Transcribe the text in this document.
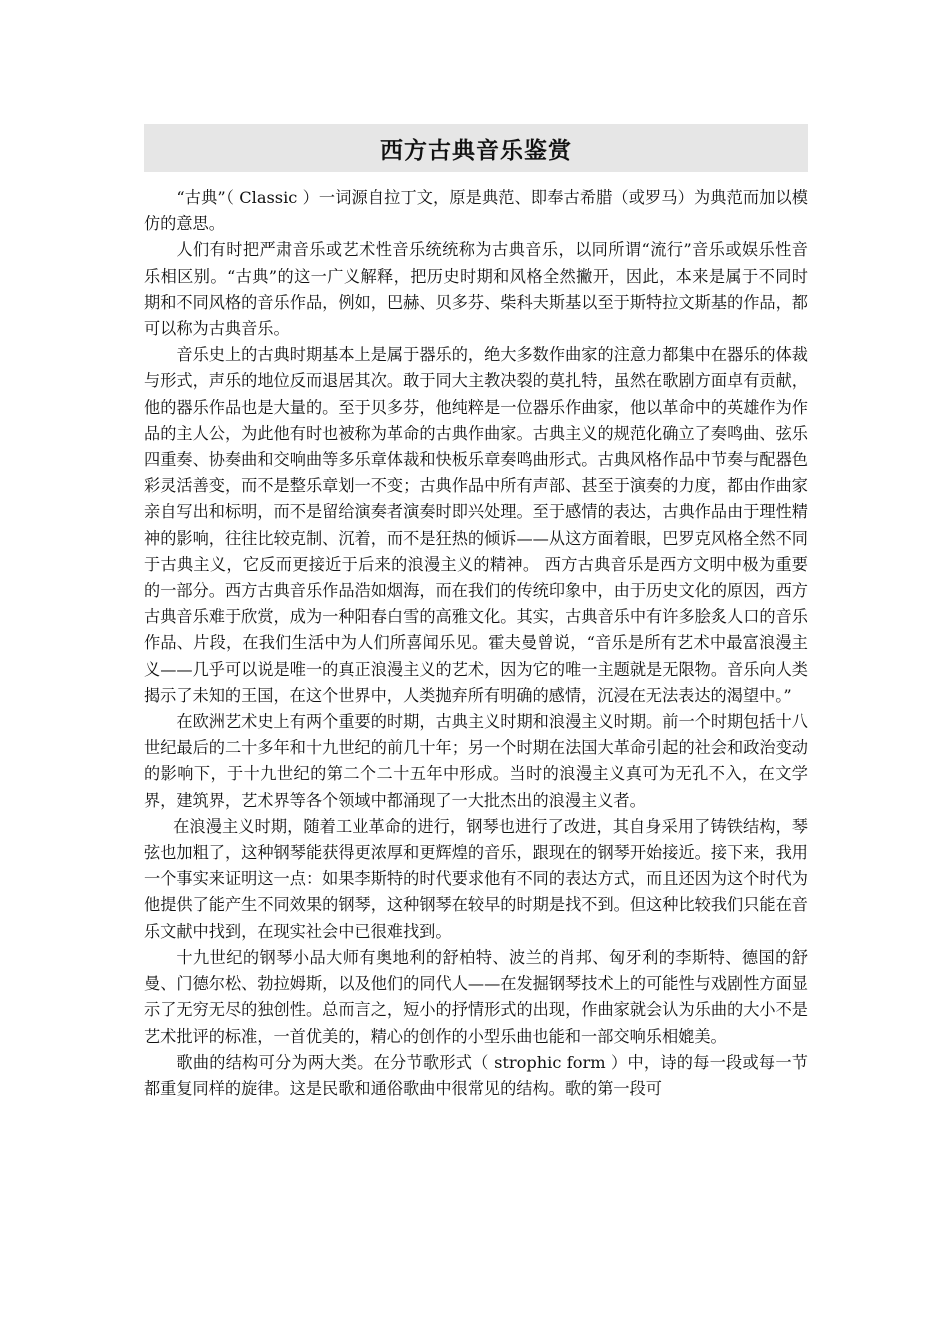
西方古典音乐鉴赏

“古典”（ Classic ）一词源自拉丁文，原是典范、即奉古希腊（或罗马）为典范而加以模仿的意思。

人们有时把严肃音乐或艺术性音乐统统称为古典音乐，以同所谓“流行”音乐或娱乐性音乐相区别。“古典”的这一广义解释，把历史时期和风格全然撇开，因此，本来是属于不同时期和不同风格的音乐作品，例如，巴赫、贝多芬、柴科夫斯基以至于斯特拉文斯基的作品，都可以称为古典音乐。

音乐史上的古典时期基本上是属于器乐的，绝大多数作曲家的注意力都集中在器乐的体裁与形式，声乐的地位反而退居其次。敢于同大主教决裂的莫扎特，虽然在歌剧方面卓有贡献，他的器乐作品也是大量的。至于贝多芬，他纯粹是一位器乐作曲家，他以革命中的英雄作为作品的主人公，为此他有时也被称为革命的古典作曲家。古典主义的规范化确立了奏鸣曲、弦乐四重奏、协奏曲和交响曲等多乐章体裁和快板乐章奏鸣曲形式。古典风格作品中节奏与配器色彩灵活善变，而不是整乐章划一不变；古典作品中所有声部、甚至于演奏的力度，都由作曲家亲自写出和标明，而不是留给演奏者演奏时即兴处理。至于感情的表达，古典作品由于理性精神的影响，往往比较克制、沉着，而不是狂热的倾诉——从这方面着眼，巴罗克风格全然不同于古典主义，它反而更接近于后来的浪漫主义的精神。 西方古典音乐是西方文明中极为重要的一部分。西方古典音乐作品浩如烟海，而在我们的传统印象中，由于历史文化的原因，西方古典音乐难于欣赏，成为一种阳春白雪的高雅文化。其实，古典音乐中有许多脍炙人口的音乐作品、片段，在我们生活中为人们所喜闻乐见。霍夫曼曾说，“音乐是所有艺术中最富浪漫主义——几乎可以说是唯一的真正浪漫主义的艺术，因为它的唯一主题就是无限物。音乐向人类揭示了未知的王国，在这个世界中，人类抛弃所有明确的感情，沉浸在无法表达的渴望中。”

在欧洲艺术史上有两个重要的时期，古典主义时期和浪漫主义时期。前一个时期包括十八世纪最后的二十多年和十九世纪的前几十年；另一个时期在法国大革命引起的社会和政治变动的影响下，于十九世纪的第二个二十五年中形成。当时的浪漫主义真可为无孔不入，在文学界，建筑界，艺术界等各个领域中都涌现了一大批杰出的浪漫主义者。

在浪漫主义时期，随着工业革命的进行，钢琴也进行了改进，其自身采用了铸铁结构，琴弦也加粗了，这种钢琴能获得更浓厚和更辉煌的音乐，跟现在的钢琴开始接近。接下来，我用一个事实来证明这一点：如果李斯特的时代要求他有不同的表达方式，而且还因为这个时代为他提供了能产生不同效果的钢琴，这种钢琴在较早的时期是找不到。但这种比较我们只能在音乐文献中找到，在现实社会中已很难找到。

十九世纪的钢琴小品大师有奥地利的舒柏特、波兰的肖邦、匈牙利的李斯特、德国的舒曼、门德尔松、勃拉姆斯，以及他们的同代人——在发掘钢琴技术上的可能性与戏剧性方面显示了无穷无尽的独创性。总而言之，短小的抒情形式的出现，作曲家就会认为乐曲的大小不是艺术批评的标准，一首优美的，精心的创作的小型乐曲也能和一部交响乐相媲美。

歌曲的结构可分为两大类。在分节歌形式（ strophic form ）中，诗的每一段或每一节都重复同样的旋律。这是民歌和通俗歌曲中很常见的结构。歌的第一段可
